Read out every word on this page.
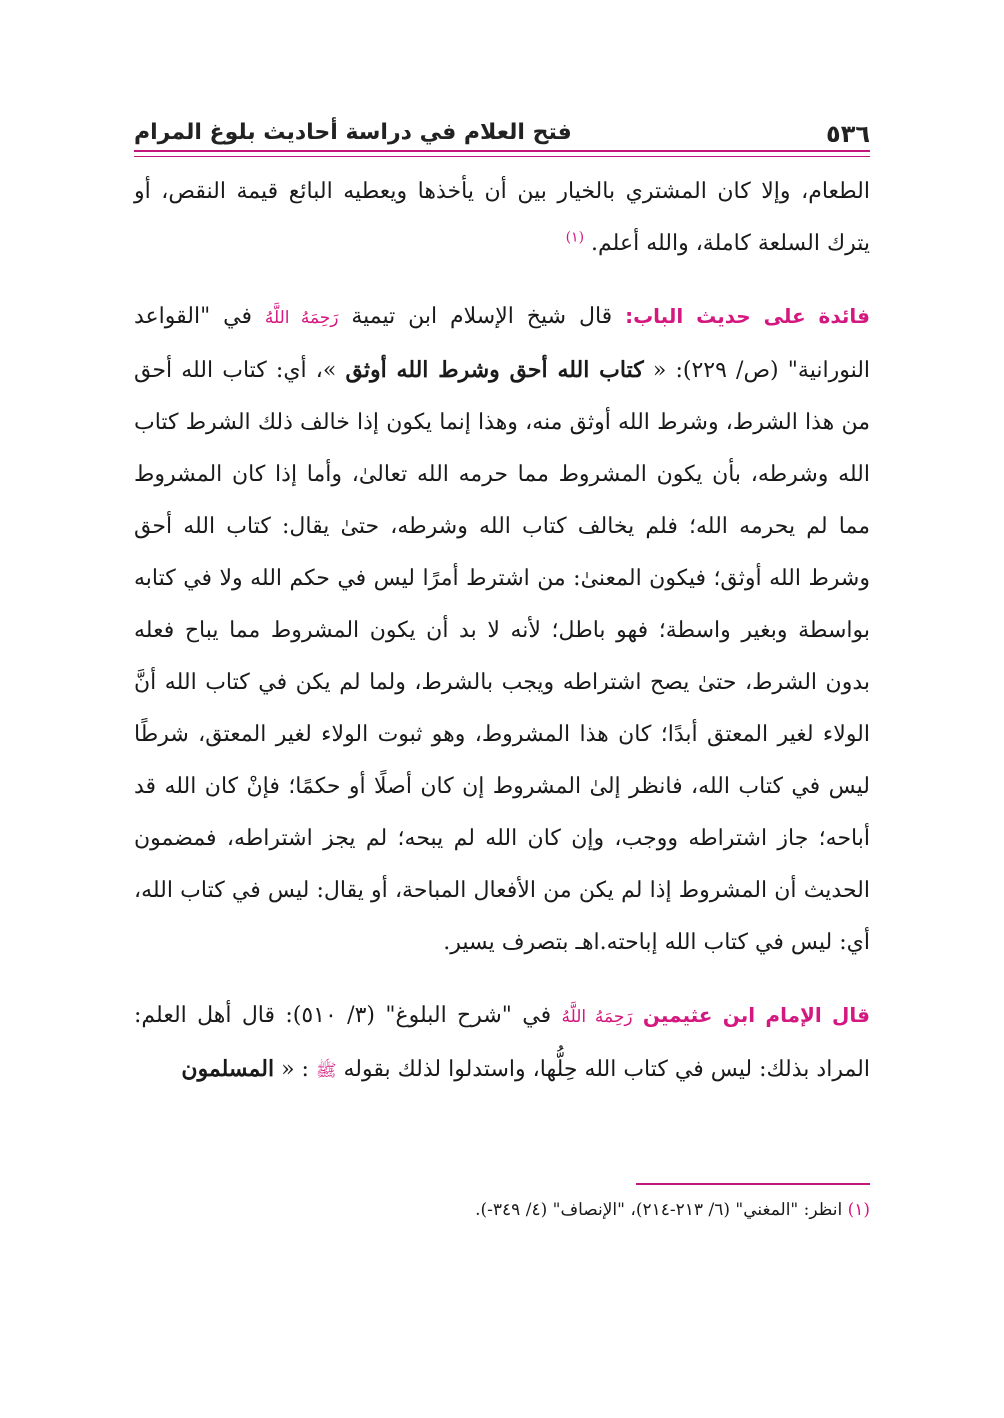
٥٣٦
فتح العلام في دراسة أحاديث بلوغ المرام

الطعام، وإلا كان المشتري بالخيار بين أن يأخذها ويعطيه البائع قيمة النقص، أو يترك السلعة كاملة، والله أعلم. $^{(١)}$

فائدة على حديث الباب: قال شيخ الإسلام ابن تيمية رَحِمَهُ اللَّهُ في "القواعد النورانية" (ص/ ٢٢٩): « كتاب الله أحق وشرط الله أوثق »، أي: كتاب الله أحق من هذا الشرط، وشرط الله أوثق منه، وهذا إنما يكون إذا خالف ذلك الشرط كتاب الله وشرطه، بأن يكون المشروط مما حرمه الله تعالىٰ، وأما إذا كان المشروط مما لم يحرمه الله؛ فلم يخالف كتاب الله وشرطه، حتىٰ يقال: كتاب الله أحق وشرط الله أوثق؛ فيكون المعنىٰ: من اشترط أمرًا ليس في حكم الله ولا في كتابه بواسطة وبغير واسطة؛ فهو باطل؛ لأنه لا بد أن يكون المشروط مما يباح فعله بدون الشرط، حتىٰ يصح اشتراطه ويجب بالشرط، ولما لم يكن في كتاب الله أنَّ الولاء لغير المعتق أبدًا؛ كان هذا المشروط، وهو ثبوت الولاء لغير المعتق، شرطًا ليس في كتاب الله، فانظر إلىٰ المشروط إن كان أصلًا أو حكمًا؛ فإنْ كان الله قد أباحه؛ جاز اشتراطه ووجب، وإن كان الله لم يبحه؛ لم يجز اشتراطه، فمضمون الحديث أن المشروط إذا لم يكن من الأفعال المباحة، أو يقال: ليس في كتاب الله، أي: ليس في كتاب الله إباحته.اهـ بتصرف يسير.

قال الإمام ابن عثيمين رَحِمَهُ اللَّهُ في "شرح البلوغ" (٣/ ٥١٠): قال أهل العلم: المراد بذلك: ليس في كتاب الله حِلُّها، واستدلوا لذلك بقوله ﷺ : « المسلمون

(١) انظر: "المغني" (٦/ ٢١٣-٢١٤)، "الإنصاف" (٤/ ٣٤٩-).
